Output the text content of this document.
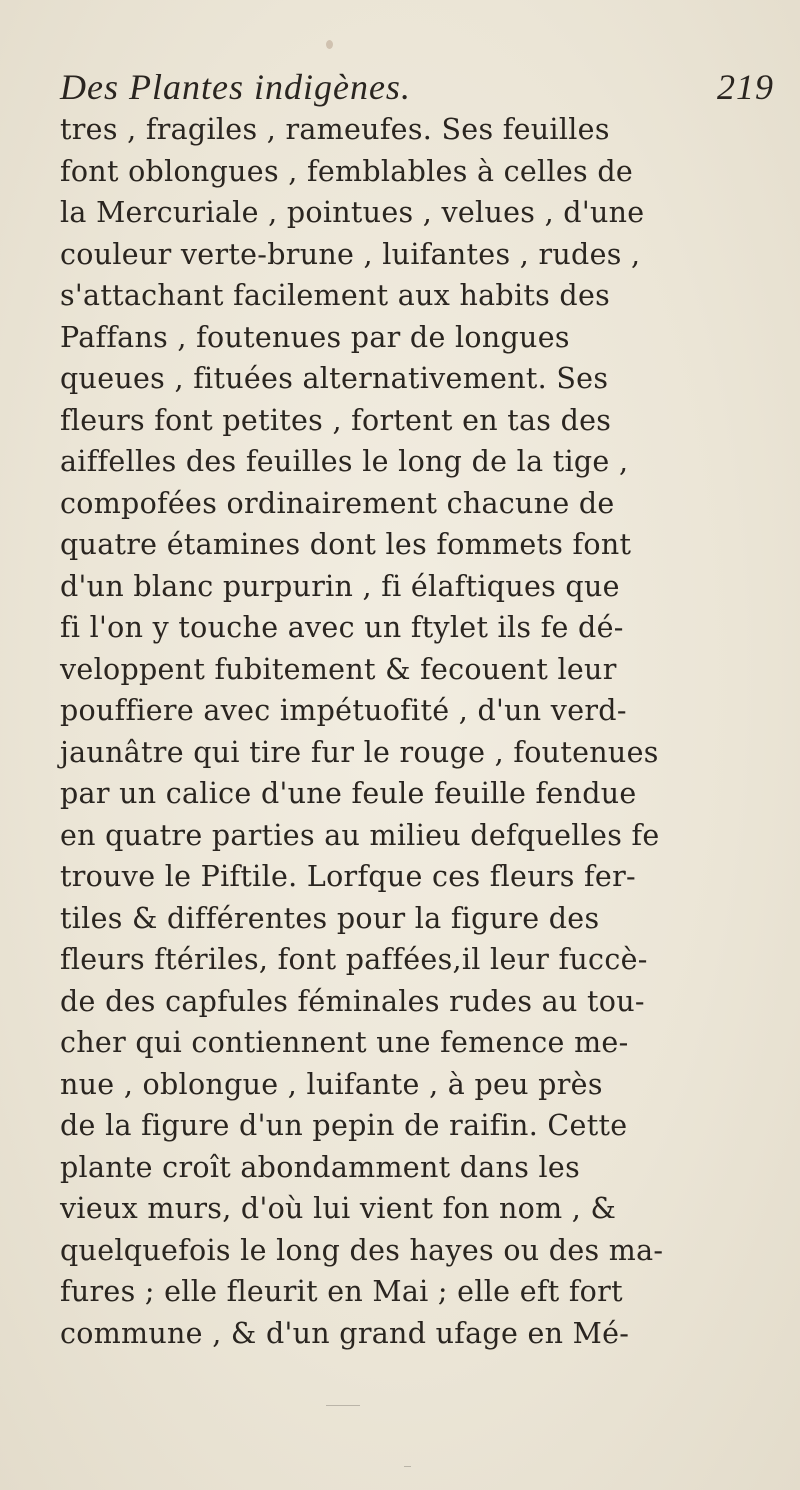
Des Plantes indigènes.	219
tres , fragiles , rameufes. Ses feuilles
font oblongues , femblables à celles de
la Mercuriale , pointues , velues , d'une
couleur verte-brune , luifantes , rudes ,
s'attachant facilement aux habits des
Paffans , foutenues par de longues
queues , fituées alternativement. Ses
fleurs font petites , fortent en tas des
aiffelles des feuilles le long de la tige ,
compofées ordinairement chacune de
quatre étamines dont les fommets font
d'un blanc purpurin , fi élaftiques que
fi l'on y touche avec un ftylet ils fe dé-
veloppent fubitement & fecouent leur
pouffiere avec impétuofité , d'un verd-
jaunâtre qui tire fur le rouge , foutenues
par un calice d'une feule feuille fendue
en quatre parties au milieu defquelles fe
trouve le Piftile. Lorfque ces fleurs fer-
tiles & différentes pour la figure des
fleurs ftériles, font paffées,il leur fuccè-
de des capfules féminales rudes au tou-
cher qui contiennent une femence me-
nue , oblongue , luifante , à peu près
de la figure d'un pepin de raifin. Cette
plante croît abondamment dans les
vieux murs, d'où lui vient fon nom , &
quelquefois le long des hayes ou des ma-
fures ; elle fleurit en Mai ; elle eft fort
commune , & d'un grand ufage en Mé-
